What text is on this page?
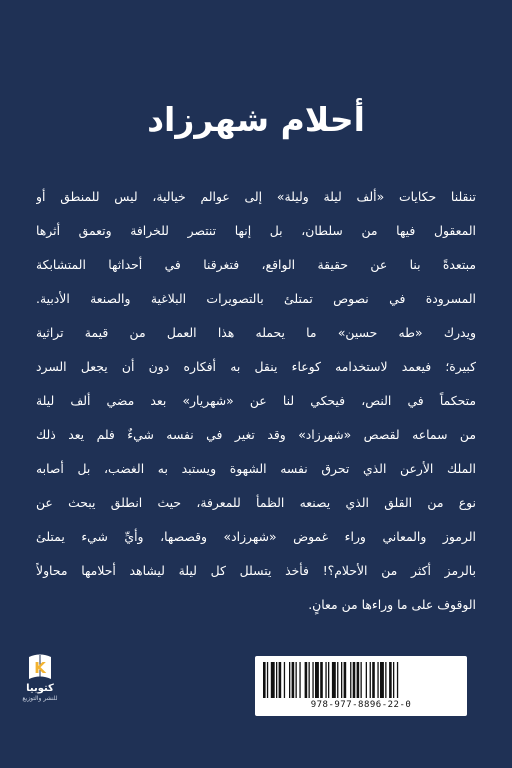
أحلام شهرزاد
تنقلنا حكايات «ألف ليلة وليلة» إلى عوالم خيالية، ليس للمنطق أو
المعقول فيها من سلطان، بل إنها تنتصر للخرافة وتعمق أثرها
مبتعدةً بنا عن حقيقة الواقع، فتغرقنا في أحداثها المتشابكة
المسرودة في نصوص تمتلئ بالتصويرات البلاغية والصنعة الأدبية.
ويدرك «طه حسين» ما يحمله هذا العمل من قيمة تراثية
كبيرة؛ فيعمد لاستخدامه كوعاء ينقل به أفكاره دون أن يجعل السرد
متحكماً في النص، فيحكي لنا عن «شهريار» بعد مضي ألف ليلة
من سماعه لقصص «شهرزاد» وقد تغير في نفسه شيءٌ فلم يعد ذلك
الملك الأرعن الذي تحرق نفسه الشهوة ويستبد به الغضب، بل أصابه
نوع من القلق الذي يصنعه الظمأ للمعرفة، حيث انطلق يبحث عن
الرموز والمعاني وراء غموض «شهرزاد» وقصصها، وأيِّ شيء يمتلئ
بالرمز أكثر من الأحلام؟! فأخذ يتسلل كل ليلة ليشاهد أحلامها محاولاً
الوقوف على ما وراءها من معانٍ.
K
كتوبيا
للنشر والتوزيع
978-977-8896-22-0
